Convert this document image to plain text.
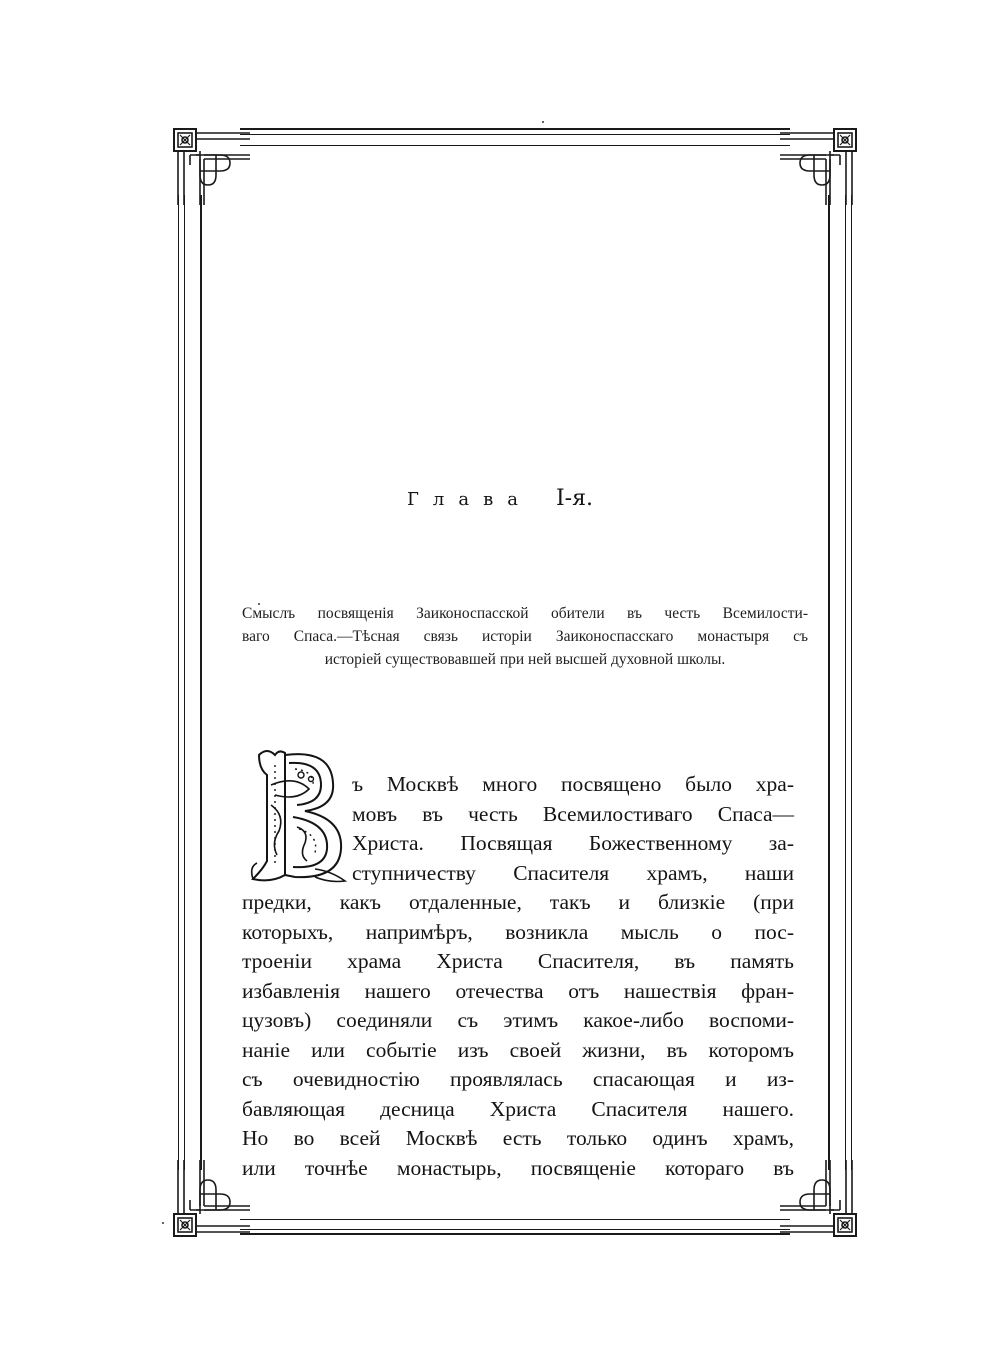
Глава I-я.
Смыслъ посвященія Заиконоспасской обители въ честь Всемилости-
ваго Спаса.—Тѣсная связь исторіи Заиконоспасскаго монастыря съ
исторіей существовавшей при ней высшей духовной школы.
ъ Москвѣ много посвящено было хра-
мовъ въ честь Всемилостиваго Спаса—
Христа. Посвящая Божественному за-
ступничеству Спасителя храмъ, наши
предки, какъ отдаленные, такъ и близкіе (при
которыхъ, напримѣръ, возникла мысль о пос-
троеніи храма Христа Спасителя, въ память
избавленія нашего отечества отъ нашествія фран-
цузовъ) соединяли съ этимъ какое-либо воспоми-
наніе или событіе изъ своей жизни, въ которомъ
съ очевидностію проявлялась спасающая и из-
бавляющая десница Христа Спасителя нашего.
Но во всей Москвѣ есть только одинъ храмъ,
или точнѣе монастырь, посвященіе котораго въ
